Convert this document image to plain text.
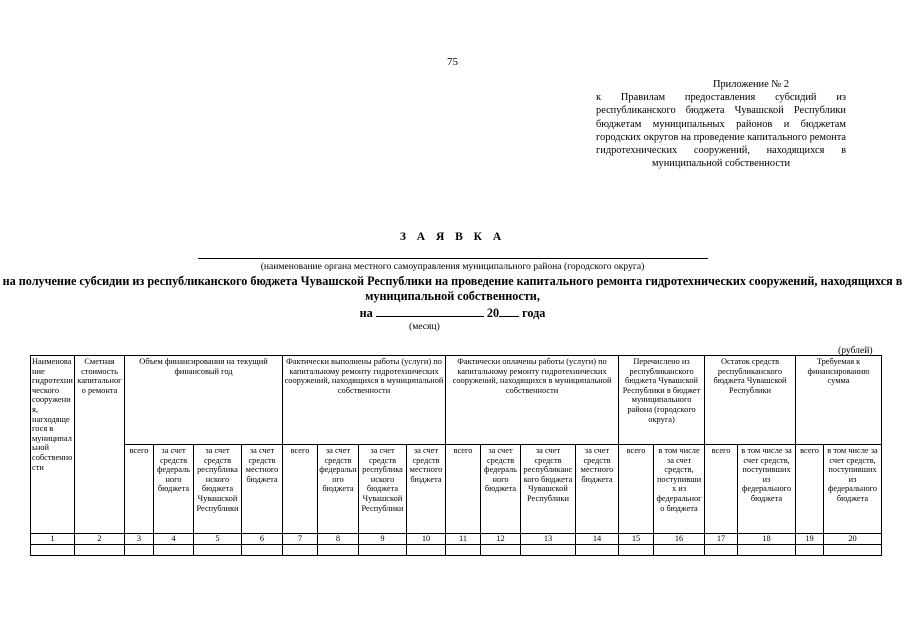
75
Приложение № 2
к Правилам предоставления субсидий из республиканского бюджета Чувашской Республики бюджетам муниципальных районов и бюджетам городских округов на проведение капитального ремонта гидротехнических сооружений, находящихся в муниципальной собственности
З А Я В К А
(наименование органа местного самоуправления муниципального района (городского округа)
на получение субсидии из республиканского бюджета Чувашской Республики на проведение капитального ремонта гидротехнических сооружений, находящихся в муниципальной собственности,
на	20 года
(месяц)
(рублей)
Наименование гидротехнического сооружения, нагходящегося в муниципальной собственности	Сметная стоимость капитального ремонта	Объем финансирования на текущий финансовый год				Фактически выполнены работы (услуги) по капитальному ремонту гидротехнических сооружений, находящихся в муниципальной собственности				Фактически оплачены работы (услуги) по капитальному ремонту гидротехнических сооружений, находящихся в муниципальной собственности				Перечислено из республиканского бюджета Чувашской Республики в бюджет муниципального района (городского округа)		Остаток средств республиканского бюджета Чувашской Республики		Требуемая к финансированию сумма	
		всего	за счет средств федерального бюджета	за счет средств республиканского бюджета Чувашской Республики	за счет средств местного бюджета	всего	за счет средств федерального бюджета	за счет средств республиканского бюджета Чувашской Республики	за счет средств местного бюджета	всего	за счет средств федерального бюджета	за счет средств республиканского бюджета Чувашской Республики	за счет средств местного бюджета	всего	в том числе за счет средств, поступивших из федерального бюджета	всего	в том числе за счет средств, поступивших из федерального бюджета	всего	в том числе за счет средств, поступивших из федерального бюджета
1	2	3	4	5	6	7	8	9	10	11	12	13	14	15	16	17	18	19	20
